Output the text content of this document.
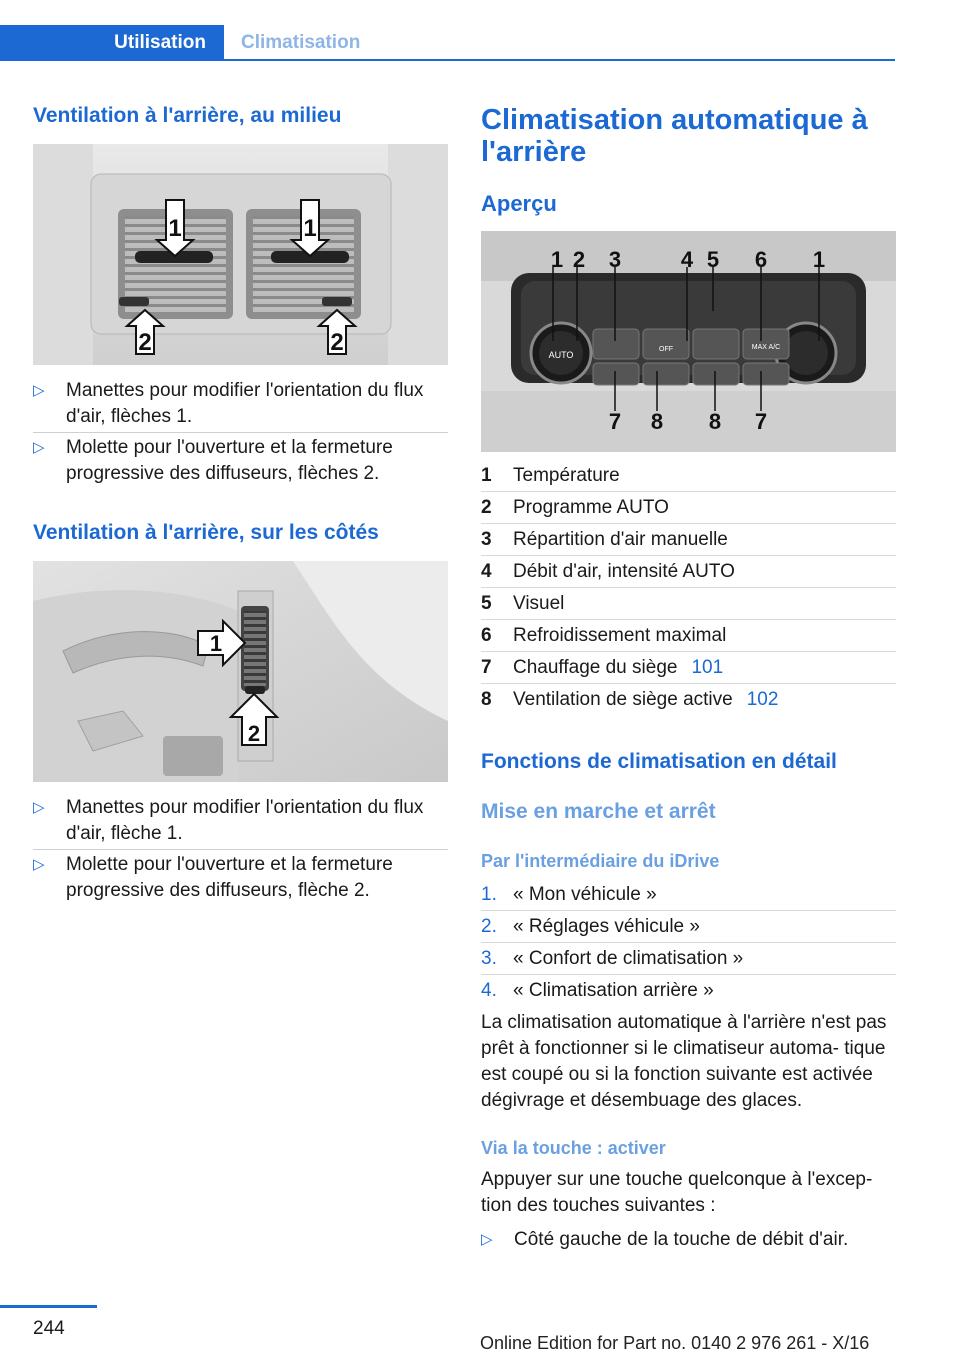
Utilisation	Climatisation
Ventilation à l'arrière, au milieu
1	1
2	2
▷ Manettes pour modifier l'orientation du flux d'air, flèches 1.
▷ Molette pour l'ouverture et la fermeture progressive des diffuseurs, flèches 2.
Ventilation à l'arrière, sur les côtés
1
2
▷ Manettes pour modifier l'orientation du flux d'air, flèche 1.
▷ Molette pour l'ouverture et la fermeture progressive des diffuseurs, flèche 2.
Climatisation automatique à l'arrière
Aperçu
AUTO
OFF	MAX A/C
1 2 3	4 5 6 1
7 8 8 7
1 Température
2 Programme AUTO
3 Répartition d'air manuelle
4 Débit d'air, intensité AUTO
5 Visuel
6 Refroidissement maximal
7 Chauffage du siège 101
8 Ventilation de siège active 102
Fonctions de climatisation en détail
Mise en marche et arrêt
Par l'intermédiaire du iDrive
1. « Mon véhicule »
2. « Réglages véhicule »
3. « Confort de climatisation »
4. « Climatisation arrière »
La climatisation automatique à l'arrière n'est pas prêt à fonctionner si le climatiseur automa- tique est coupé ou si la fonction suivante est activée dégivrage et désembuage des glaces.
Via la touche : activer
Appuyer sur une touche quelconque à l'excep- tion des touches suivantes :
▷ Côté gauche de la touche de débit d'air.
244
Online Edition for Part no. 0140 2 976 261 - X/16
